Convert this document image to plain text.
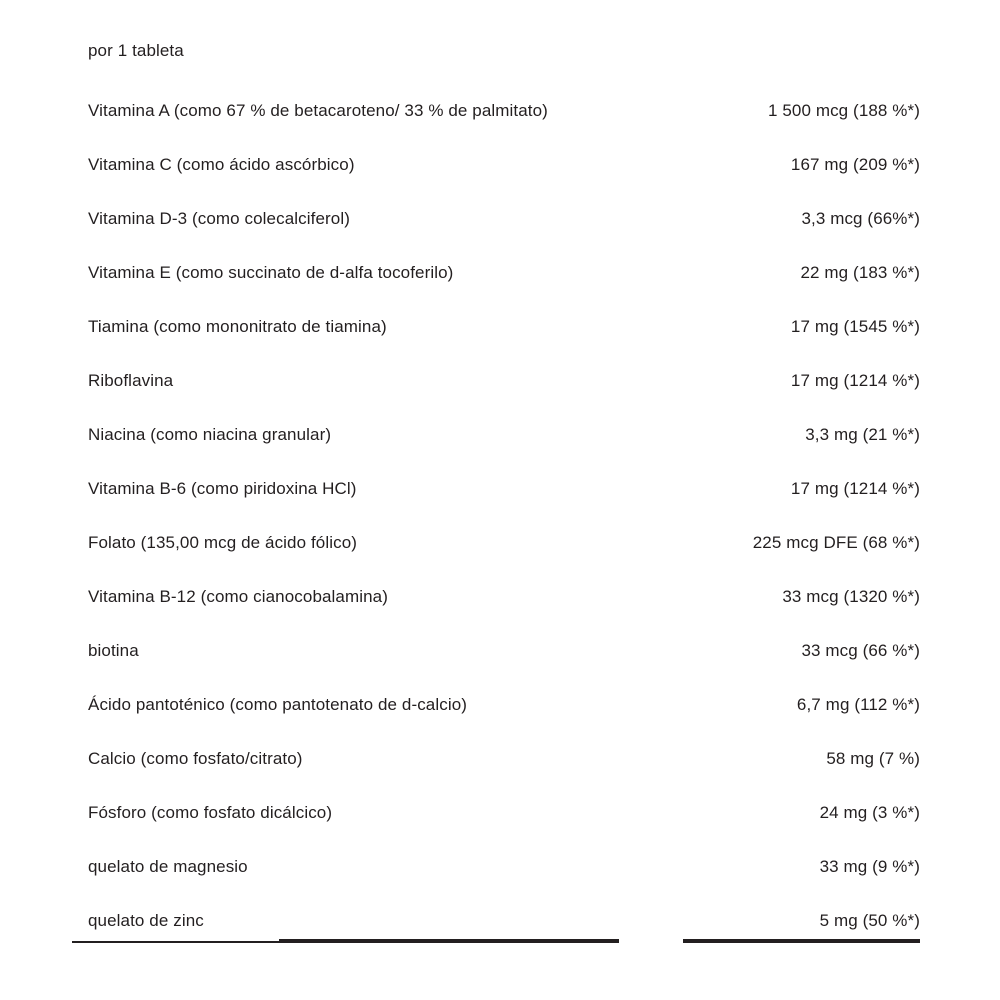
por 1 tableta
Vitamina A (como 67 % de betacaroteno/ 33 % de palmitato)	1 500 mcg (188 %*)
Vitamina C (como ácido ascórbico)	167 mg (209 %*)
Vitamina D-3 (como colecalciferol)	3,3 mcg (66%*)
Vitamina E (como succinato de d-alfa tocoferilo)	22 mg (183 %*)
Tiamina (como mononitrato de tiamina)	17 mg (1545 %*)
Riboflavina	17 mg (1214 %*)
Niacina (como niacina granular)	3,3 mg (21 %*)
Vitamina B-6 (como piridoxina HCl)	17 mg (1214 %*)
Folato (135,00 mcg de ácido fólico)	225 mcg DFE (68 %*)
Vitamina B-12 (como cianocobalamina)	33 mcg (1320 %*)
biotina	33 mcg (66 %*)
Ácido pantoténico (como pantotenato de d-calcio)	6,7 mg (112 %*)
Calcio (como fosfato/citrato)	58 mg (7 %)
Fósforo (como fosfato dicálcico)	24 mg (3 %*)
quelato de magnesio	33 mg (9 %*)
quelato de zinc	5 mg (50 %*)
